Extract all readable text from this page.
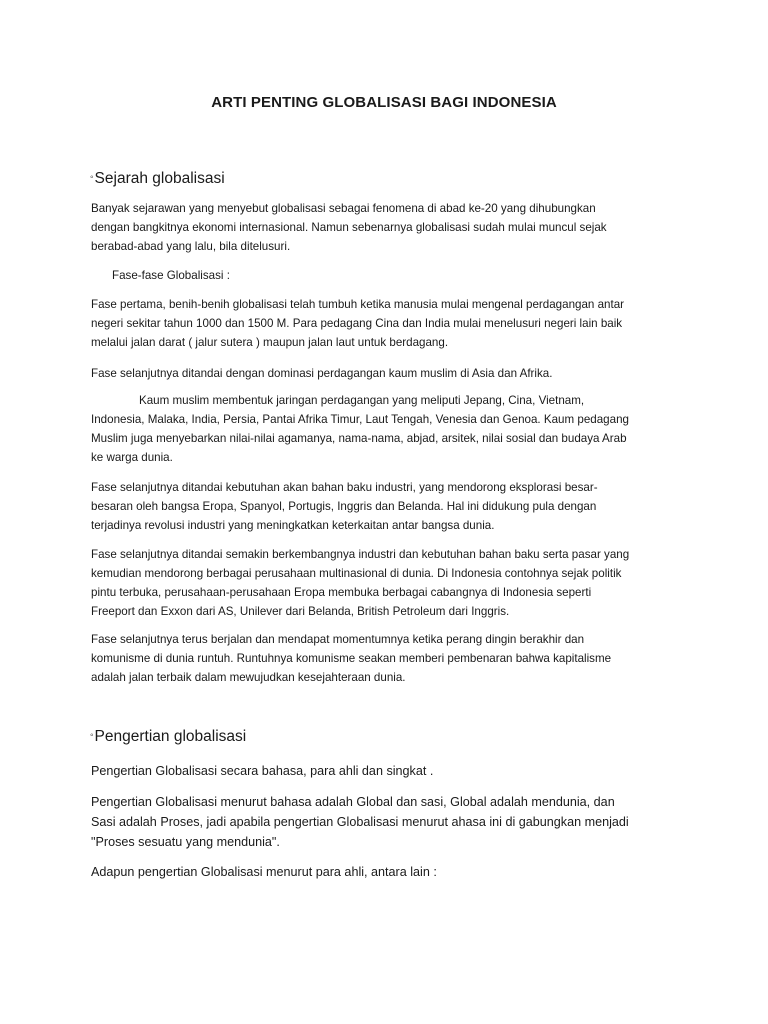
ARTI PENTING GLOBALISASI BAGI INDONESIA
◦Sejarah globalisasi
Banyak sejarawan yang menyebut globalisasi sebagai fenomena di abad ke-20 yang dihubungkan
dengan bangkitnya ekonomi internasional. Namun sebenarnya globalisasi sudah mulai muncul sejak
berabad-abad yang lalu, bila ditelusuri.
Fase-fase Globalisasi :
Fase pertama, benih-benih globalisasi telah tumbuh ketika manusia mulai mengenal perdagangan antar
negeri sekitar tahun 1000 dan 1500 M. Para pedagang Cina dan India mulai menelusuri negeri lain baik
melalui jalan darat ( jalur sutera ) maupun jalan laut untuk berdagang.
Fase selanjutnya ditandai dengan dominasi perdagangan kaum muslim di Asia dan Afrika.
Kaum muslim membentuk jaringan perdagangan yang meliputi Jepang, Cina, Vietnam,
Indonesia, Malaka, India, Persia, Pantai Afrika Timur, Laut Tengah, Venesia dan Genoa. Kaum pedagang
Muslim juga menyebarkan nilai-nilai agamanya, nama-nama, abjad, arsitek, nilai sosial dan budaya Arab
ke warga dunia.
Fase selanjutnya ditandai kebutuhan akan bahan baku industri, yang mendorong eksplorasi besar-
besaran oleh bangsa Eropa, Spanyol, Portugis, Inggris dan Belanda. Hal ini didukung pula dengan
terjadinya revolusi industri yang meningkatkan keterkaitan antar bangsa dunia.
Fase selanjutnya ditandai semakin berkembangnya industri dan kebutuhan bahan baku serta pasar yang
kemudian mendorong berbagai perusahaan multinasional di dunia. Di Indonesia contohnya sejak politik
pintu terbuka, perusahaan-perusahaan Eropa membuka berbagai cabangnya di Indonesia seperti
Freeport dan Exxon dari AS, Unilever dari Belanda, British Petroleum dari Inggris.
Fase selanjutnya terus berjalan dan mendapat momentumnya ketika perang dingin berakhir dan
komunisme di dunia runtuh. Runtuhnya komunisme seakan memberi pembenaran bahwa kapitalisme
adalah jalan terbaik dalam mewujudkan kesejahteraan dunia.
◦Pengertian globalisasi
Pengertian Globalisasi secara bahasa, para ahli dan singkat .
Pengertian Globalisasi menurut bahasa adalah Global dan sasi, Global adalah mendunia, dan
Sasi adalah Proses, jadi apabila pengertian Globalisasi menurut ahasa ini di gabungkan menjadi
"Proses sesuatu yang mendunia".
Adapun pengertian Globalisasi menurut para ahli, antara lain :
